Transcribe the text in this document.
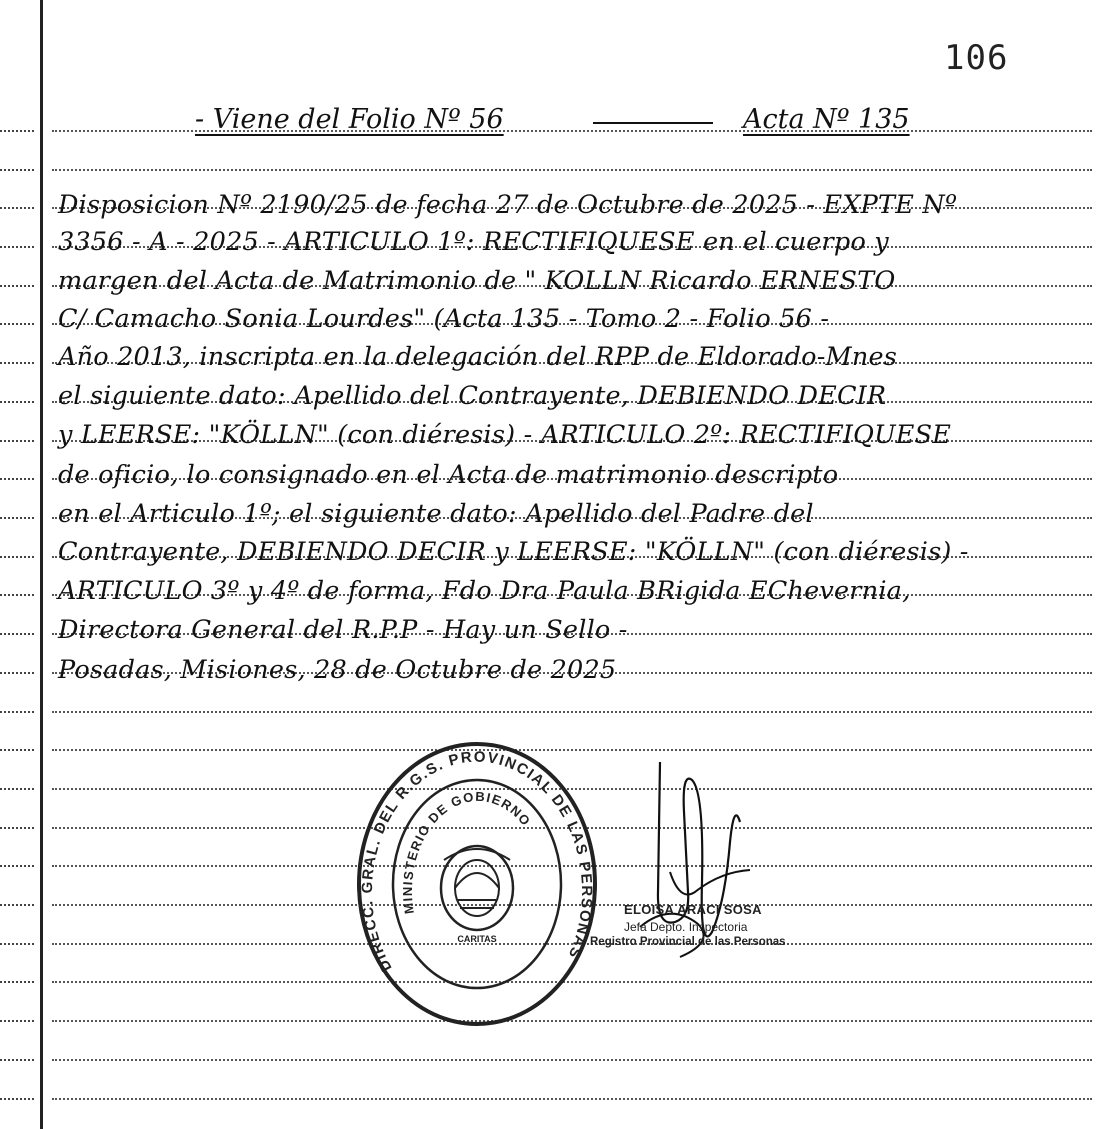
106
- Viene del Folio Nº 56	Acta Nº 135
Disposicion Nº 2190/25 de fecha 27 de Octubre de 2025 - EXPTE Nº
3356 - A - 2025 - ARTICULO 1º: RECTIFIQUESE en el cuerpo y
margen del Acta de Matrimonio de " KOLLN Ricardo ERNESTO
C/ Camacho Sonia Lourdes" (Acta 135 - Tomo 2 - Folio 56 -
Año 2013, inscripta en la delegación del RPP de Eldorado-Mnes
el siguiente dato: Apellido del Contrayente, DEBIENDO DECIR
y LEERSE: "KÖLLN" (con diéresis) - ARTICULO 2º: RECTIFIQUESE
de oficio, lo consignado en el Acta de matrimonio descripto
en el Articulo 1º; el siguiente dato: Apellido del Padre del
Contrayente, DEBIENDO DECIR y LEERSE: "KÖLLN" (con diéresis) -
ARTICULO 3º y 4º de forma, Fdo Dra Paula BRigida EChevernia,
Directora General del R.P.P - Hay un Sello -
Posadas, Misiones, 28 de Octubre de 2025
DIRECC. GRAL. DEL R.G.S. PROVINCIAL DE LAS PERSONAS
MINISTERIO DE GOBIERNO
CARITAS
ELOISA ARACI SOSA
Jefa Depto. Inspectoria
Registro Provincial de las Personas
